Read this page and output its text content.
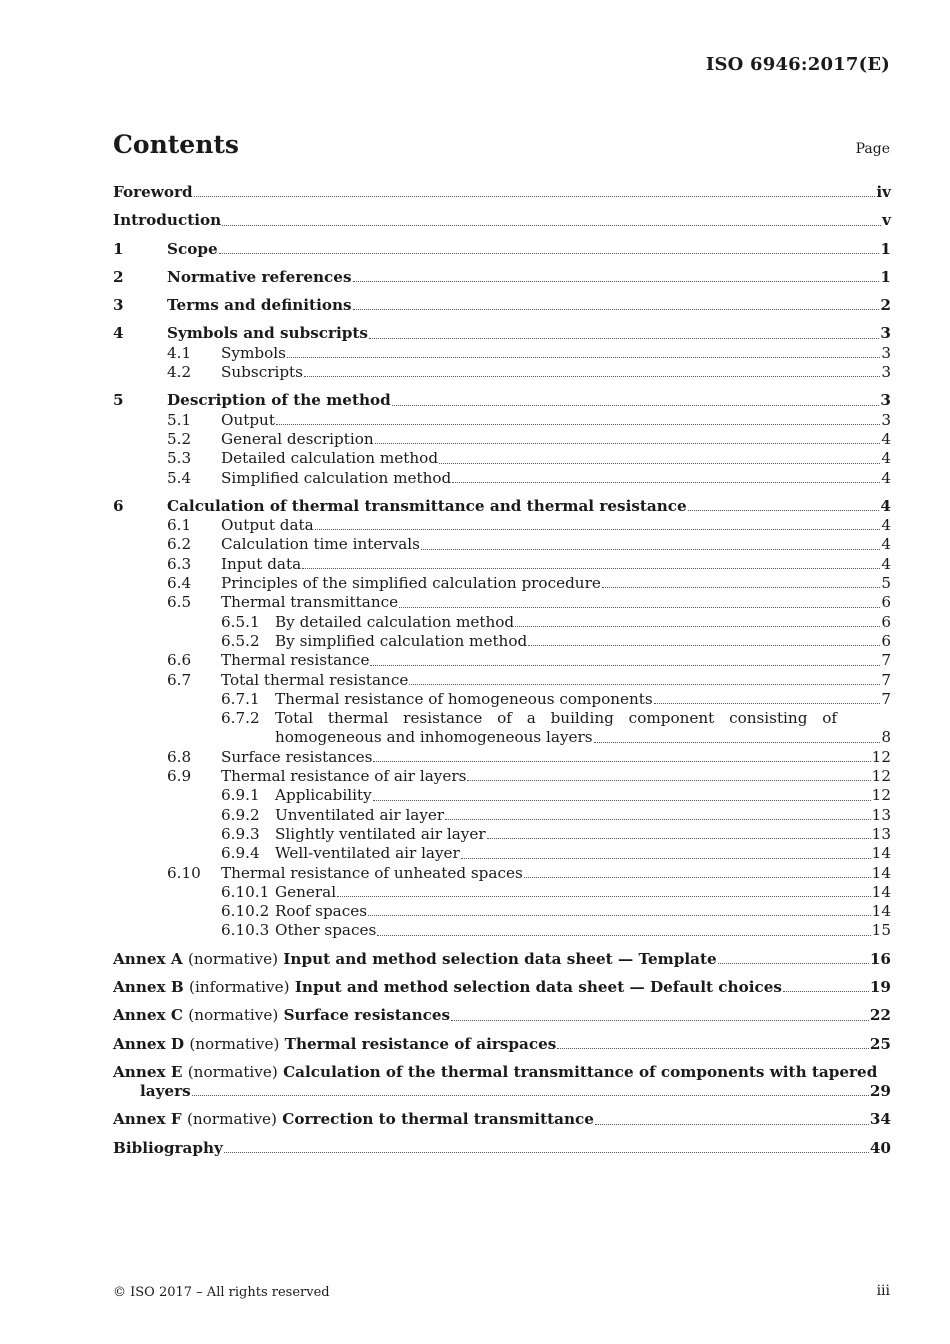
ISO 6946:2017(E)
Contents	Page
Foreword	iv
Introduction	v
1	Scope	1
2	Normative references	1
3	Terms and definitions	2
4	Symbols and subscripts	3
4.1	Symbols	3
4.2	Subscripts	3
5	Description of the method	3
5.1	Output	3
5.2	General description	4
5.3	Detailed calculation method	4
5.4	Simplified calculation method	4
6	Calculation of thermal transmittance and thermal resistance	4
6.1	Output data	4
6.2	Calculation time intervals	4
6.3	Input data	4
6.4	Principles of the simplified calculation procedure	5
6.5	Thermal transmittance	6
6.5.1	By detailed calculation method	6
6.5.2	By simplified calculation method	6
6.6	Thermal resistance	7
6.7	Total thermal resistance	7
6.7.1	Thermal resistance of homogeneous components	7
6.7.2	Total thermal resistance of a building component consisting of
homogeneous and inhomogeneous layers	8
6.8	Surface resistances	12
6.9	Thermal resistance of air layers	12
6.9.1	Applicability	12
6.9.2	Unventilated air layer	13
6.9.3	Slightly ventilated air layer	13
6.9.4	Well-ventilated air layer	14
6.10	Thermal resistance of unheated spaces	14
6.10.1 General	14
6.10.2 Roof spaces	14
6.10.3 Other spaces	15
Annex A (normative) Input and method selection data sheet — Template	16
Annex B (informative) Input and method selection data sheet — Default choices	19
Annex C (normative) Surface resistances	22
Annex D (normative) Thermal resistance of airspaces	25
Annex E (normative) Calculation of the thermal transmittance of components with tapered
layers	29
Annex F (normative) Correction to thermal transmittance	34
Bibliography	40
© ISO 2017 – All rights reserved	iii
